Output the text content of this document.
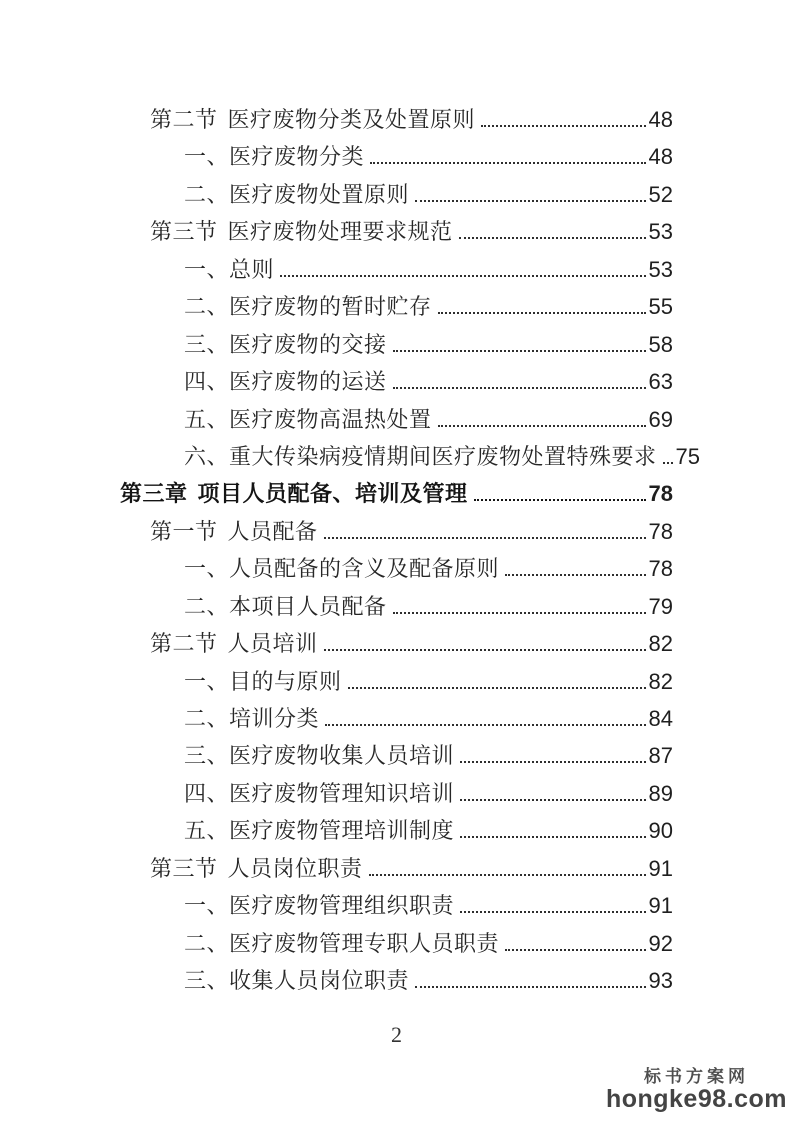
第二节 医疗废物分类及处置原则	48
一、医疗废物分类	48
二、医疗废物处置原则	52
第三节 医疗废物处理要求规范	53
一、总则	53
二、医疗废物的暂时贮存	55
三、医疗废物的交接	58
四、医疗废物的运送	63
五、医疗废物高温热处置	69
六、重大传染病疫情期间医疗废物处置特殊要求 75
第三章 项目人员配备、培训及管理	78
第一节 人员配备	78
一、人员配备的含义及配备原则	78
二、本项目人员配备	79
第二节 人员培训	82
一、目的与原则	82
二、培训分类	84
三、医疗废物收集人员培训	87
四、医疗废物管理知识培训	89
五、医疗废物管理培训制度	90
第三节 人员岗位职责	91
一、医疗废物管理组织职责	91
二、医疗废物管理专职人员职责	92
三、收集人员岗位职责	93
2
标书方案网
hongke98.com
